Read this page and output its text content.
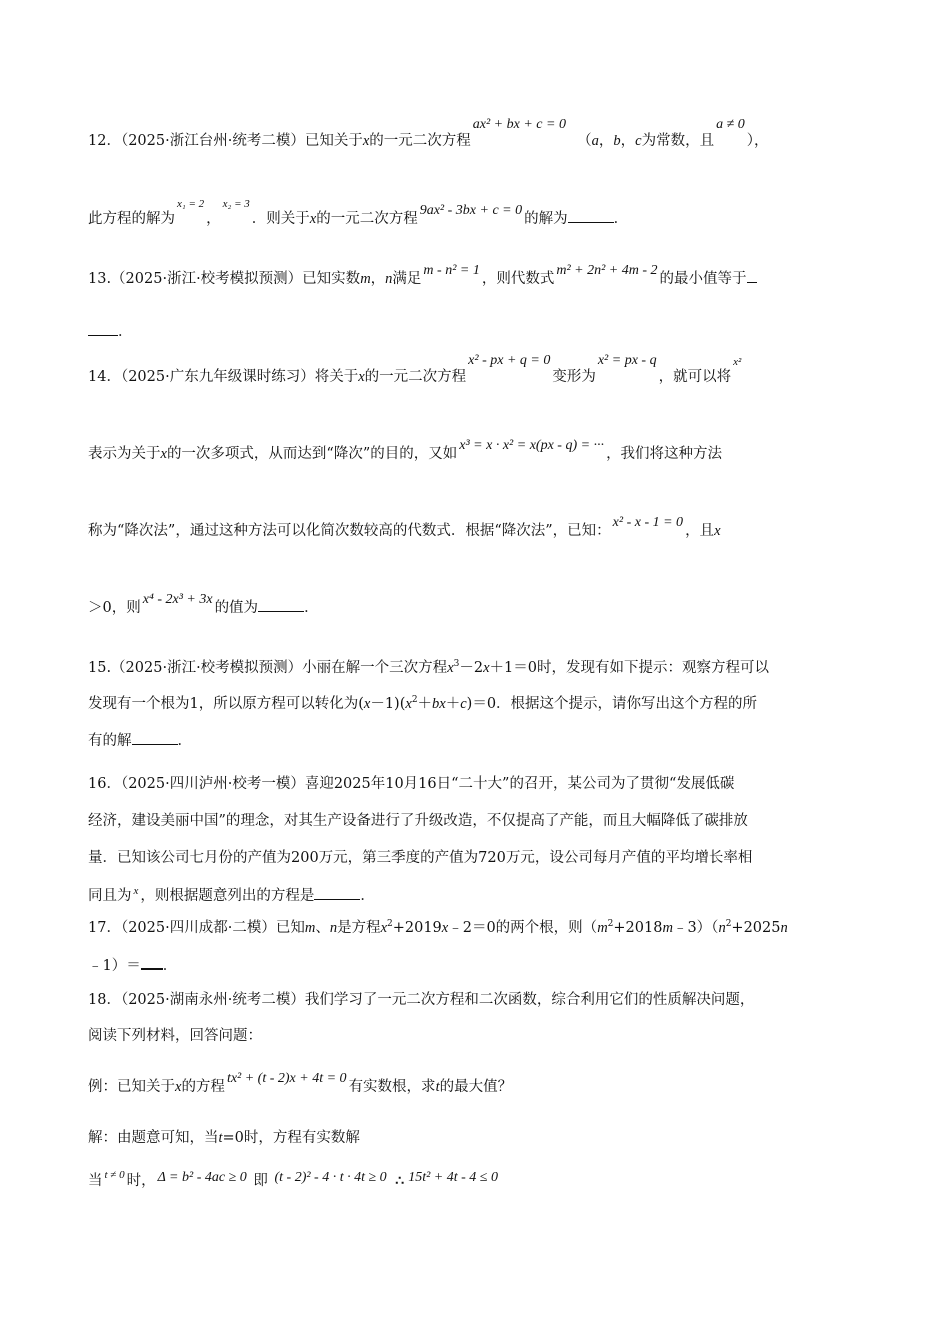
12．（2025·浙江台州·统考二模）已知关于x的一元二次方程ax² + bx + c = 0  （a，b，c为常数，且a ≠ 0），
此方程的解为x₁ = 2，x₂ = 3．则关于x的一元二次方程9ax² - 3bx + c = 0的解为	．
13.（2025·浙江·校考模拟预测）已知实数m，n满足m - n² = 1，则代数式m² + 2n² + 4m - 2的最小值等于
．
14．（2025·广东九年级课时练习）将关于x的一元二次方程x² - px + q = 0变形为x² = px - q，就可以将x²
表示为关于x的一次多项式，从而达到“降次”的目的，又如x³ = x · x² = x(px - q) = ···，我们将这种方法
称为“降次法”，通过这种方法可以化简次数较高的代数式．根据“降次法”，已知：x² - x - 1 = 0，且x
＞0，则x⁴ - 2x³ + 3x的值为	．
15.（2025·浙江·校考模拟预测）小丽在解一个三次方程$x^3-2x+1=0$时，发现有如下提示：观察方程可以
发现有一个根为1，所以原方程可以转化为$(x-1)(x^2+bx+c)=0$．根据这个提示，请你写出这个方程的所
有的解	．
16．（2025·四川泸州·校考一模）喜迎2025年10月16日“二十大”的召开，某公司为了贯彻“发展低碳
经济，建设美丽中国”的理念，对其生产设备进行了升级改造，不仅提高了产能，而且大幅降低了碳排放
量．已知该公司七月份的产值为200万元，第三季度的产值为720万元，设公司每月产值的平均增长率相
同且为 x ，则根据题意列出的方程是	．
17．（2025·四川成都·二模）已知m、n是方程$x^2+2019x﹣2=0$的两个根，则$(m^2+2018m﹣3)(n^2+2025n$
﹣1）＝ ．
18．（2025·湖南永州·统考二模）我们学习了一元二次方程和二次函数，综合利用它们的性质解决问题，
阅读下列材料，回答问题：
例：已知关于x的方程tx² + (t - 2)x + 4t = 0有实数根，求t的最大值？
解：由题意可知，当t=0时，方程有实数解
当 t ≠ 0 时， Δ = b² - 4ac ≥ 0 即 (t - 2)² - 4 · t · 4t ≥ 0 ∴ 15t² + 4t - 4 ≤ 0
